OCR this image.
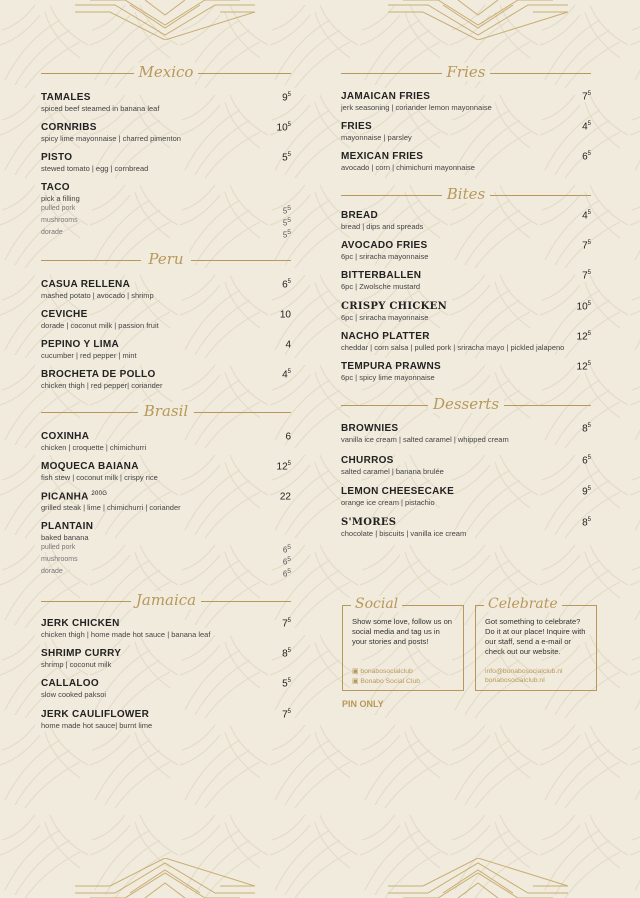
Mexico
TAMALES
spiced beef steamed in banana leaf
$9^5$
CORNRIBS
spicy lime mayonnaise | charred pimenton
$10^5$
PISTO
stewed tomato | egg | cornbread
$5^5$
TACO
pick a filling
pulled pork	$5^5$
mushrooms	$5^5$
dorade	$5^5$
Peru
CASUA RELLENA
mashed potato | avocado | shrimp
$6^5$
CEVICHE
dorade | coconut milk | passion fruit
10
PEPINO Y LIMA
cucumber | red pepper | mint
4
BROCHETA DE POLLO
chicken thigh | red pepper| coriander
$4^5$
Brasil
COXINHA
chicken | croquette | chimichurri
6
MOQUECA BAIANA
fish stew | coconut milk | crispy rice
$12^5$
PICANHA $^{200G}$
grilled steak | lime | chimichurri | coriander
22
PLANTAIN
baked banana
pulled pork	$6^5$
mushrooms	$6^5$
dorade	$6^5$
Jamaica
JERK CHICKEN
chicken thigh | home made hot sauce | banana leaf
$7^5$
SHRIMP CURRY
shrimp | coconut milk
$8^5$
CALLALOO
slow cooked paksoi
$5^5$
JERK CAULIFLOWER
home made hot sauce| burnt lime
$7^5$
Fries
JAMAICAN FRIES
jerk seasoning | coriander lemon mayonnaise
$7^5$
FRIES
mayonnaise | parsley
$4^5$
MEXICAN FRIES
avocado | corn | chimichurri mayonnaise
$6^5$
Bites
BREAD
bread | dips and spreads
$4^5$
AVOCADO FRIES
6pc | sriracha mayonnaise
$7^5$
BITTERBALLEN
6pc | Zwolsche mustard
$7^5$
CRISPY CHICKEN
6pc | sriracha mayonnaise
$10^5$
NACHO PLATTER
cheddar | corn salsa | pulled pork | sriracha mayo | pickled jalapeno
$12^5$
TEMPURA PRAWNS
6pc | spicy lime mayonnaise
$12^5$
Desserts
BROWNIES
vanilla ice cream | salted caramel | whipped cream
$8^5$
CHURROS
salted caramel | banana brulée
$6^5$
LEMON CHEESECAKE
orange ice cream | pistachio
$9^5$
S'MORES
chocolate | biscuits | vanilla ice cream
$8^5$
Social
Show some love, follow us on social media and tag us in your stories and posts!
▣ bonabosocialclub
▣ Bonabo Social Club
Celebrate
Got something to celebrate? Do it at our place! Inquire with our staff, send a e-mail or check out our website.
info@bonabosocialclub.nl
bonabosocialclub.nl
PIN ONLY
